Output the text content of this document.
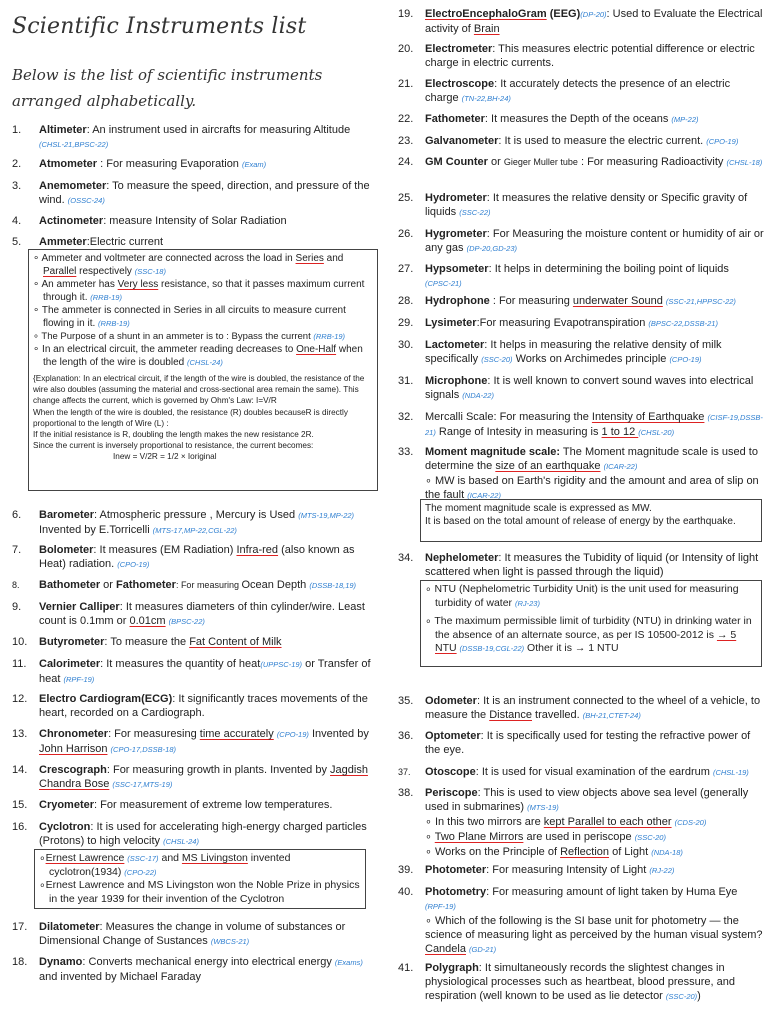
Scientific Instruments list

Below is the list of scientific instruments arranged alphabetically.

1.	Altimeter: An instrument used in aircrafts for measuring Altitude
(CHSL-21,BPSC-22)
2.	Atmometer : For measuring Evaporation (Exam)
3.	Anemometer: To measure the speed, direction, and pressure of the wind. (OSSC-24)
4.	Actinometer: measure Intensity of Solar Radiation
5.	Ammeter:Electric current

∘ Ammeter and voltmeter are connected across the load in Series and Parallel respectively (SSC-18)

∘ An ammeter has Very less resistance, so that it passes maximum current through it. (RRB-19)

∘ The ammeter is connected in Series in all circuits to measure current flowing in it. (RRB-19)

∘ The Purpose of a shunt in an ammeter is to : Bypass the current (RRB-19)

∘ In an electrical circuit, the ammeter reading decreases to One-Half when the length of the wire is doubled (CHSL-24)

{Explanation: In an electrical circuit, if the length of the wire is doubled, the resistance of the wire also doubles (assuming the material and cross-sectional area remain the same). This change affects the current, which is governed by Ohm's Law: I=V/R

When the length of the wire is doubled, the resistance (R) doubles becauseR is directly proportional to the length of Wire (L) :

If the initial resistance is R, doubling the length makes the new resistance 2R.

Since the current is inversely proportional to resistance, the current becomes:

Inew = V/2R = 1/2 × Ioriginal

6.	Barometer: Atmospheric pressure , Mercury is Used (MTS-19,MP-22)
Invented by E.Torricelli (MTS-17,MP-22,CGL-22)
7.	Bolometer: It measures (EM Radiation) Infra-red (also known as Heat) radiation. (CPO-19)
8.	Bathometer or Fathometer: For measuring Ocean Depth (DSSB-18,19)
9.	Vernier Calliper: It measures diameters of thin cylinder/wire. Least count is 0.1mm or 0.01cm (BPSC-22)
10.	Butyrometer: To measure the Fat Content of Milk
11.	Calorimeter: It measures the quantity of heat(UPPSC-19) or Transfer of heat (RPF-19)
12.	Electro Cardiogram(ECG): It significantly traces movements of the heart, recorded on a Cardiograph.
13.	Chronometer: For measuresing time accurately (CPO-19) Invented by John Harrison (CPO-17,DSSB-18)
14.	Crescograph: For measuring growth in plants. Invented by Jagdish Chandra Bose (SSC-17,MTS-19)
15.	Cryometer: For measurement of extreme low temperatures.
16.	Cyclotron: It is used for accelerating high-energy charged particles (Protons) to high velocity (CHSL-24)

∘Ernest Lawrence (SSC-17) and MS Livingston invented cyclotron(1934) (CPO-22)

∘Ernest Lawrence and MS Livingston won the Noble Prize in physics in the year 1939 for their invention of the Cyclotron

17.	Dilatometer: Measures the change in volume of substances or Dimensional Change of Sustances (WBCS-21)
18.	Dynamo: Converts mechanical energy into electrical energy (Exams)
and invented by Michael Faraday
19.	ElectroEncephaloGram (EEG)(DP-20): Used to Evaluate the Electrical activity of Brain
20.	Electrometer: This measures electric potential difference or electric charge in electric currents.
21.	Electroscope: It accurately detects the presence of an electric charge (TN-22,BH-24)
22.	Fathometer: It measures the Depth of the oceans (MP-22)
23.	Galvanometer: It is used to measure the electric current. (CPO-19)
24.	GM Counter or Gieger Muller tube : For measuring Radioactivity (CHSL-18)
25.	Hydrometer: It measures the relative density or Specific gravity of liquids (SSC-22)
26.	Hygrometer: For Measuring the moisture content or humidity of air or any gas (DP-20,GD-23)
27.	Hypsometer: It helps in determining the boiling point of liquids
(CPSC-21)
28.	Hydrophone : For measuring underwater Sound (SSC-21,HPPSC-22)
29.	Lysimeter:For measuring Evapotranspiration (BPSC-22,DSSB-21)
30.	Lactometer: It helps in measuring the relative density of milk specifically (SSC-20) Works on Archimedes principle (CPO-19)
31.	Microphone: It is well known to convert sound waves into electrical signals (NDA-22)
32.	Mercalli Scale: For measuring the Intensity of Earthquake (CISF-19,DSSB-21) Range of Intesity in measuring is 1 to 12 (CHSL-20)
33.	Moment magnitude scale: The Moment magnitude scale is used to determine the size of an earthquake (ICAR-22)
∘ MW is based on Earth's rigidity and the amount and area of slip on the fault (ICAR-22)

The moment magnitude scale is expressed as MW.

It is based on the total amount of release of energy by the earthquake.

34.	Nephelometer: It measures the Tubidity of liquid (or Intensity of light scattered when light is passed through the liquid)

∘ NTU (Nephelometric Turbidity Unit) is the unit used for measuring turbidity of water (RJ-23)

∘ The maximum permissible limit of turbidity (NTU) in drinking water in the absence of an alternate source, as per IS 10500-2012 is → 5 NTU (DSSB-19,CGL-22) Other it is → 1 NTU

35.	Odometer: It is an instrument connected to the wheel of a vehicle, to measure the Distance travelled. (BH-21,CTET-24)
36.	Optometer: It is specifically used for testing the refractive power of the eye.
37.	Otoscope: It is used for visual examination of the eardrum (CHSL-19)
38.	Periscope: This is used to view objects above sea level (generally used in submarines) (MTS-19)
∘ In this two mirrors are kept Parallel to each other (CDS-20)
∘ Two Plane Mirrors are used in periscope (SSC-20)
∘ Works on the Principle of Reflection of Light (NDA-18)
39.	Photometer: For measuring Intensity of Light (RJ-22)
40.	Photometry: For measuring amount of light taken by Huma Eye
(RPF-19)
∘ Which of the following is the SI base unit for photometry — the science of measuring light as perceived by the human visual system? Candela (GD-21)
41.	Polygraph: It simultaneously records the slightest changes in physiological processes such as heartbeat, blood pressure, and respiration (well known to be used as lie detector (SSC-20))
